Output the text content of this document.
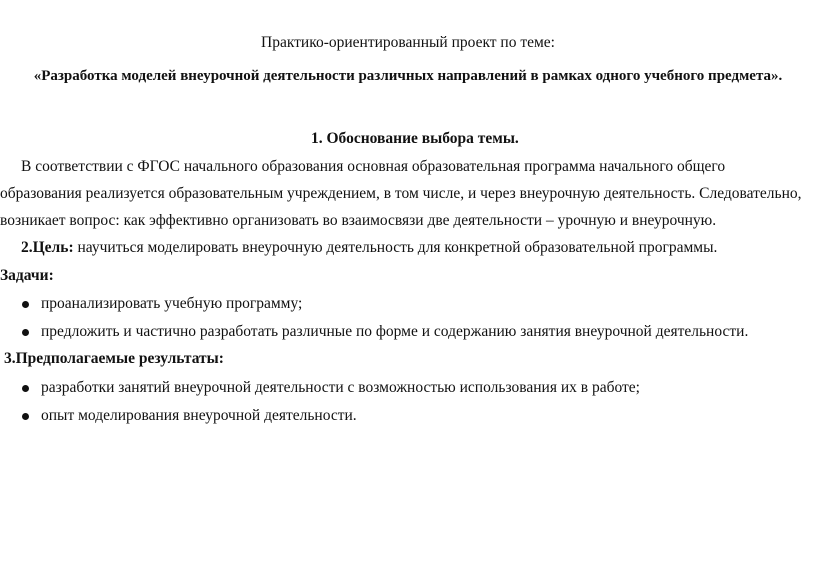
Практико-ориентированный проект по теме:
«Разработка моделей внеурочной деятельности различных направлений в рамках одного учебного предмета».
1. Обоснование выбора темы.
В соответствии с ФГОС начального образования основная образовательная программа начального общего
образования реализуется образовательным учреждением, в том числе, и через внеурочную деятельность. Следовательно,
возникает вопрос: как эффективно организовать во взаимосвязи две деятельности – урочную и внеурочную.
2.Цель: научиться моделировать внеурочную деятельность для конкретной образовательной программы.
Задачи:
проанализировать учебную программу;
предложить и частично разработать различные по форме и содержанию занятия внеурочной деятельности.
3.Предполагаемые результаты:
разработки занятий внеурочной деятельности с возможностью использования их в работе;
опыт моделирования внеурочной деятельности.
